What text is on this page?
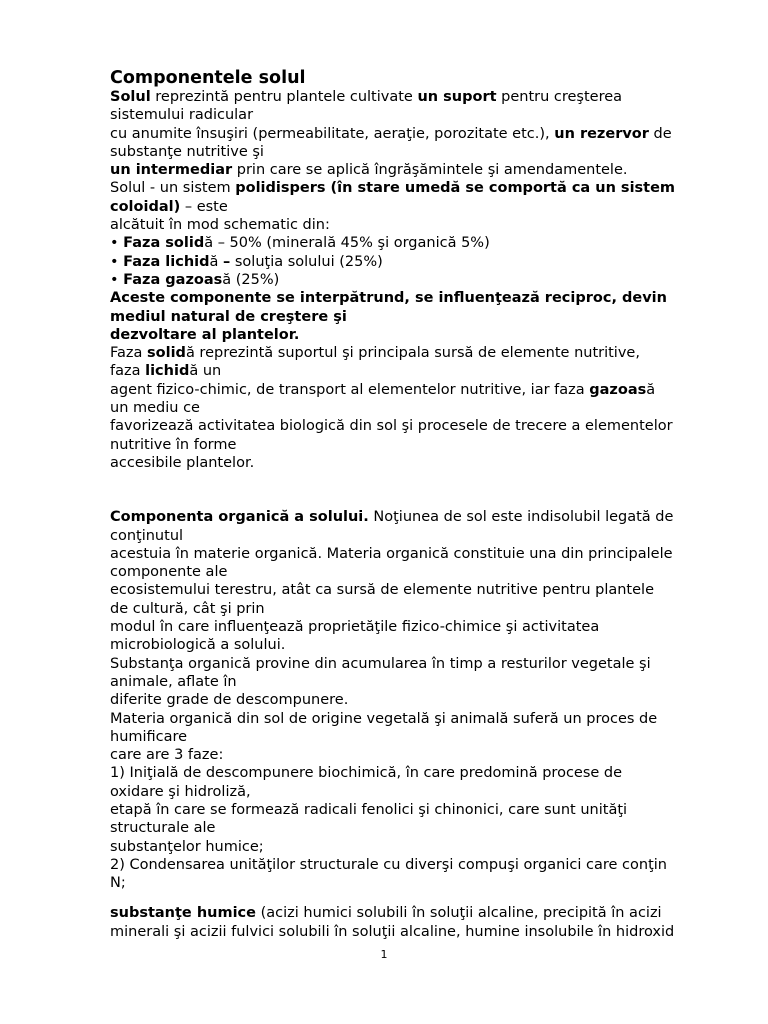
Componentele solul

Solul reprezintă pentru plantele cultivate un suport pentru creşterea

sistemului radicular

cu anumite însuşiri (permeabilitate, aeraţie, porozitate etc.), un rezervor de

substanţe nutritive şi

un intermediar prin care se aplică îngrăşămintele şi amendamentele.

Solul - un sistem polidispers (în stare umedă se comportă ca un sistem

coloidal) – este

alcătuit în mod schematic din:

• Faza solidă – 50% (minerală 45% şi organică 5%)

• Faza lichidă – soluţia solului (25%)

• Faza gazoasă (25%)

Aceste componente se interpătrund, se influenţează reciproc, devin

mediul natural de creştere şi

dezvoltare al plantelor.

Faza solidă reprezintă suportul şi principala sursă de elemente nutritive,

faza lichidă un

agent fizico-chimic, de transport al elementelor nutritive, iar faza gazoasă

un mediu ce

favorizează activitatea biologică din sol şi procesele de trecere a elementelor

nutritive în forme

accesibile plantelor.

Componenta organică a solului. Noţiunea de sol este indisolubil legată de

conţinutul

acestuia în materie organică. Materia organică constituie una din principalele

componente ale

ecosistemului terestru, atât ca sursă de elemente nutritive pentru plantele

de cultură, cât şi prin

modul în care influenţează proprietăţile fizico-chimice şi activitatea

microbiologică a solului.

Substanţa organică provine din acumularea în timp a resturilor vegetale şi

animale, aflate în

diferite grade de descompunere.

Materia organică din sol de origine vegetală şi animală suferă un proces de

humificare

care are 3 faze:

1) Iniţială de descompunere biochimică, în care predomină procese de

oxidare şi hidroliză,

etapă în care se formează radicali fenolici şi chinonici, care sunt unităţi

structurale ale

substanţelor humice;

2) Condensarea unităţilor structurale cu diverşi compuşi organici care conţin

N;

substanţe humice (acizi humici solubili în soluţii alcaline, precipită în acizi

minerali şi acizii fulvici solubili în soluţii alcaline, humine insolubile în hidroxid

1
